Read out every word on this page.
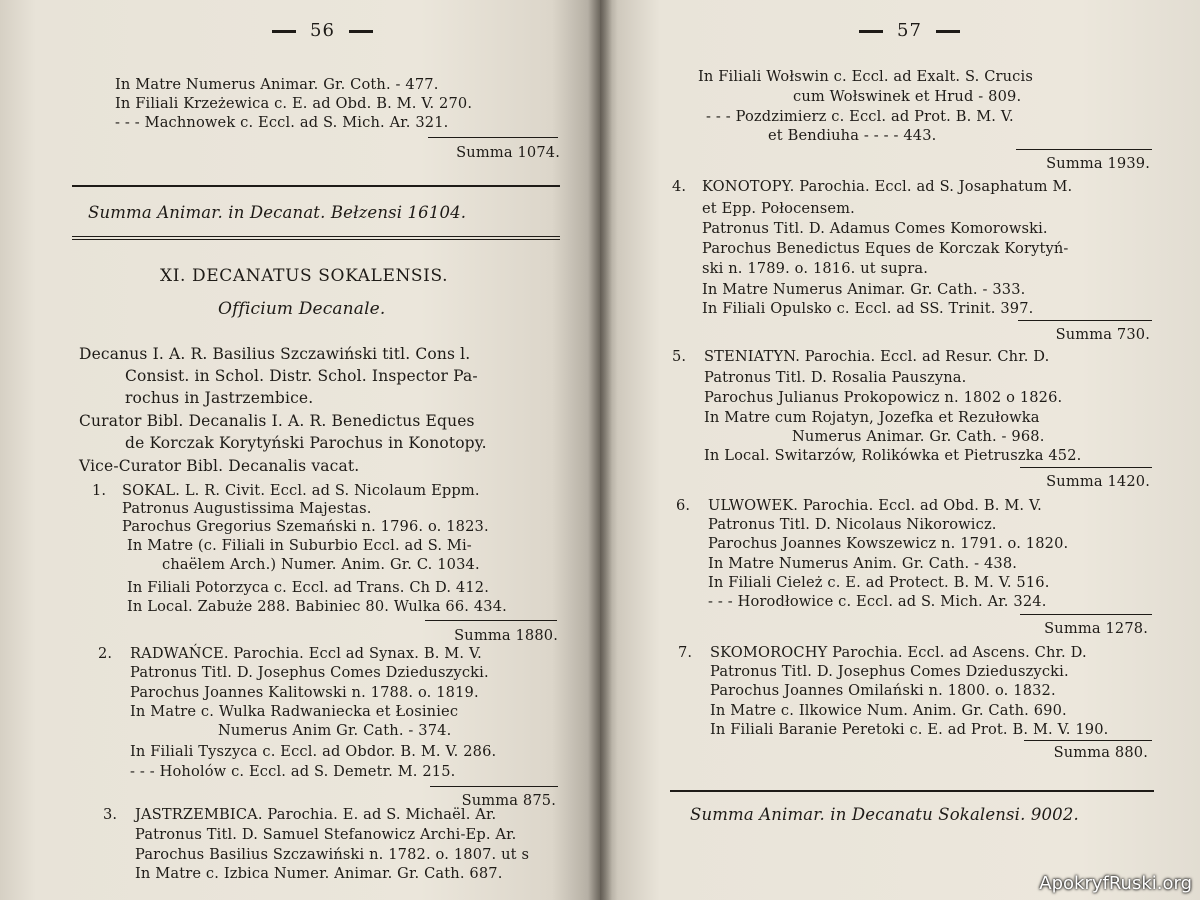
56
In Matre Numerus Animar. Gr. Coth. - 477.
In Filiali Krzeżewica c. E. ad Obd. B. M. V. 270.
- - - Machnowek c. Eccl. ad S. Mich. Ar. 321.
Summa 1074.
Summa Animar. in Decanat. Bełzensi 16104.
XI. DECANATUS SOKALENSIS.
Officium Decanale.
Decanus I. A. R. Basilius Szczawiński titl. Cons l.
Consist. in Schol. Distr. Schol. Inspector Pa-
rochus in Jastrzembice.
Curator Bibl. Decanalis I. A. R. Benedictus Eques
de Korczak Korytyński Parochus in Konotopy.
Vice-Curator Bibl. Decanalis vacat.
1. SOKAL. L. R. Civit. Eccl. ad S. Nicolaum Eppm.
Patronus Augustissima Majestas.
Parochus Gregorius Szemański n. 1796. o. 1823.
In Matre (c. Filiali in Suburbio Eccl. ad S. Mi-
chaëlem Arch.) Numer. Anim. Gr. C. 1034.
In Filiali Potorzyca c. Eccl. ad Trans. Ch D. 412.
In Local. Zabuże 288. Babiniec 80. Wulka 66. 434.
Summa 1880.
2. RADWAŃCE. Parochia. Eccl ad Synax. B. M. V.
Patronus Titl. D. Josephus Comes Dzieduszycki.
Parochus Joannes Kalitowski n. 1788. o. 1819.
In Matre c. Wulka Radwaniecka et Łosiniec
Numerus Anim Gr. Cath. - 374.
In Filiali Tyszyca c. Eccl. ad Obdor. B. M. V. 286.
- - - Hoholów c. Eccl. ad S. Demetr. M. 215.
Summa 875.
3. JASTRZEMBICA. Parochia. E. ad S. Michaël. Ar.
Patronus Titl. D. Samuel Stefanowicz Archi-Ep. Ar.
Parochus Basilius Szczawiński n. 1782. o. 1807. ut s
In Matre c. Izbica Numer. Animar. Gr. Cath. 687.
57
In Filiali Wołswin c. Eccl. ad Exalt. S. Crucis
cum Wołswinek et Hrud - 809.
- - - Pozdzimierz c. Eccl. ad Prot. B. M. V.
et Bendiuha - - - - 443.
Summa 1939.
4. KONOTOPY. Parochia. Eccl. ad S. Josaphatum M.
et Epp. Połocensem.
Patronus Titl. D. Adamus Comes Komorowski.
Parochus Benedictus Eques de Korczak Korytyń-
ski n. 1789. o. 1816. ut supra.
In Matre Numerus Animar. Gr. Cath. - 333.
In Filiali Opulsko c. Eccl. ad SS. Trinit. 397.
Summa 730.
5. STENIATYN. Parochia. Eccl. ad Resur. Chr. D.
Patronus Titl. D. Rosalia Pauszyna.
Parochus Julianus Prokopowicz n. 1802 o 1826.
In Matre cum Rojatyn, Jozefka et Rezułowka
Numerus Animar. Gr. Cath. - 968.
In Local. Switarzów, Rolikówka et Pietruszka 452.
Summa 1420.
6. ULWOWEK. Parochia. Eccl. ad Obd. B. M. V.
Patronus Titl. D. Nicolaus Nikorowicz.
Parochus Joannes Kowszewicz n. 1791. o. 1820.
In Matre Numerus Anim. Gr. Cath. - 438.
In Filiali Cieleż c. E. ad Protect. B. M. V. 516.
- - - Horodłowice c. Eccl. ad S. Mich. Ar. 324.
Summa 1278.
7. SKOMOROCHY Parochia. Eccl. ad Ascens. Chr. D.
Patronus Titl. D. Josephus Comes Dzieduszycki.
Parochus Joannes Omilański n. 1800. o. 1832.
In Matre c. Ilkowice Num. Anim. Gr. Cath. 690.
In Filiali Baranie Peretoki c. E. ad Prot. B. M. V. 190.
Summa 880.
Summa Animar. in Decanatu Sokalensi. 9002.
ApokryfRuski.org
